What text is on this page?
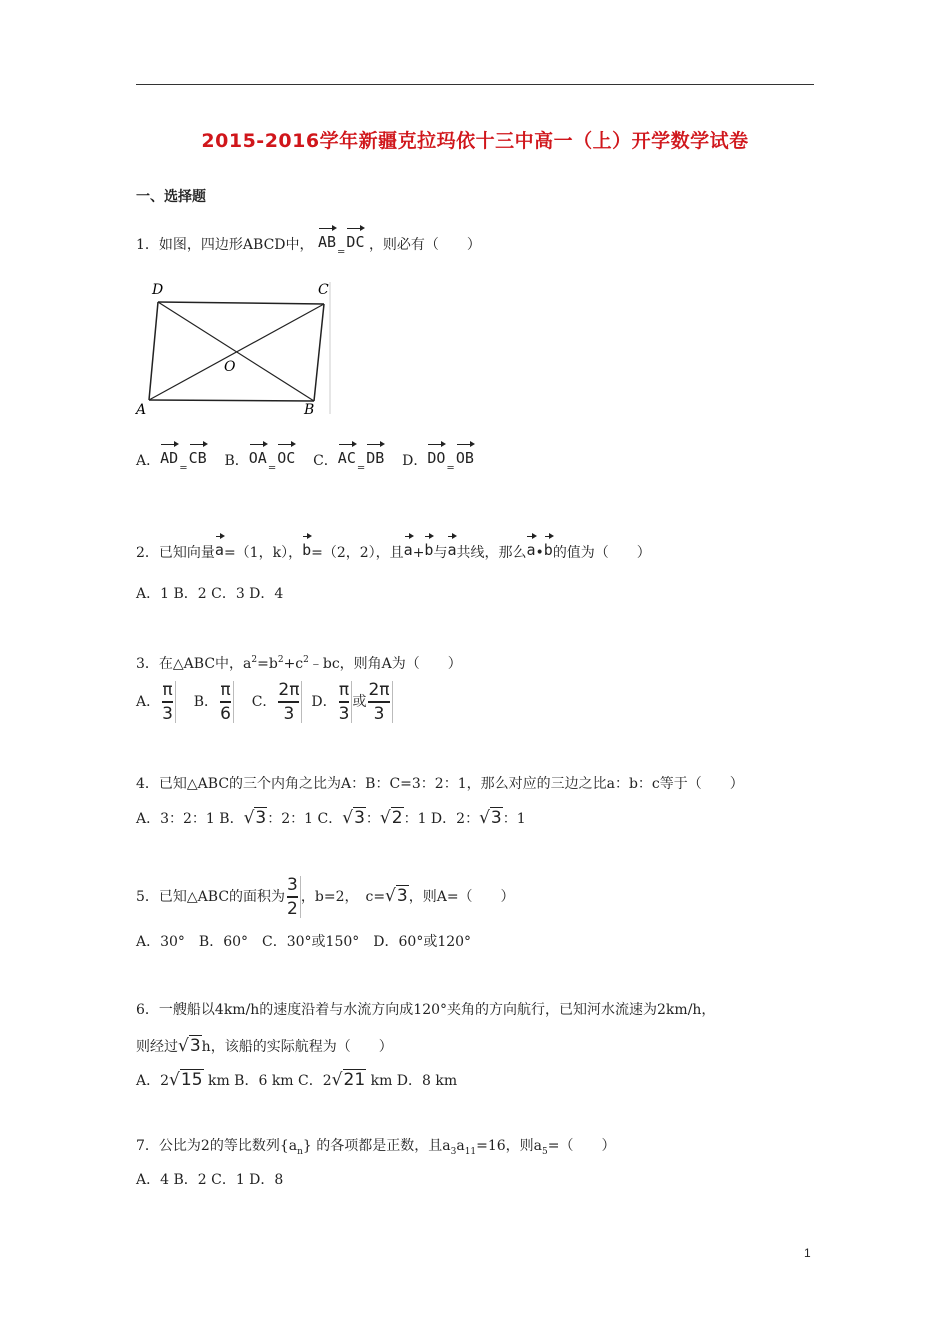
2015-2016学年新疆克拉玛依十三中高一（上）开学数学试卷
一、选择题
1．如图，四边形ABCD中， $AB_=DC$ ，则必有（　　）
D	C
O
A	B
A．$AD_=CB$ B．$OA_=OC$ C．$AC_=DB$ D．$DO_=OB$
2．已知向量a=（1，k），b=（2，2），且a+b与a共线，那么a•b的值为（　　）
A．1 B．2 C．3 D．4
3．在△ABC中，$a^2=b^2+c^2﹣bc$，则角A为（　　）
A． $\frac{\pi}{3}$ B． $\frac{\pi}{6}$ C． $\frac{2\pi}{3}$ D． $\frac{\pi}{3}$ 或 $\frac{2\pi}{3}$
4．已知△ABC的三个内角之比为A：B：C=3：2：1，那么对应的三边之比a：b：c等于（　　）
A．3：2：1 B．√3：2：1 C．√3：√2：1 D．2：√3：1
5．已知△ABC的面积为 $\frac{3}{2}$ ，b=2，　c=√3，则A=（　　）
A．30°　B．60°　C．30°或150°　D．60°或120°
6．一艘船以4km/h的速度沿着与水流方向成120°夹角的方向航行，已知河水流速为2km/h，
则经过√3h，该船的实际航程为（　　）
A．2√15 km B．6 km C．2√21 km D．8 km
7．公比为2的等比数列$\{a_n\}$ 的各项都是正数，且$a_3a_{11}=16$，则$a_5=$（　　）
A．4 B．2 C．1 D．8
1
